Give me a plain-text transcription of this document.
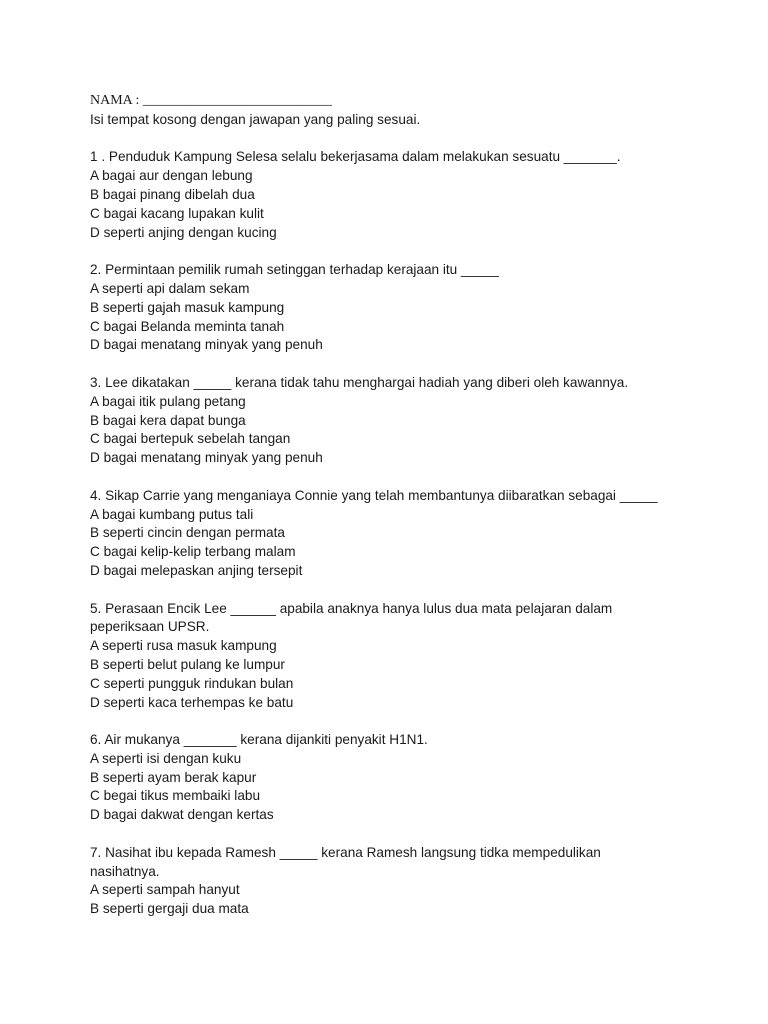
NAMA : ___________________________
Isi tempat kosong dengan jawapan yang paling sesuai.
1 . Penduduk Kampung Selesa selalu bekerjasama dalam melakukan sesuatu _______.
A bagai aur dengan lebung
B bagai pinang dibelah dua
C bagai kacang lupakan kulit
D seperti anjing dengan kucing
2. Permintaan pemilik rumah setinggan terhadap kerajaan itu _____
A seperti api dalam sekam
B seperti gajah masuk kampung
C bagai Belanda meminta tanah
D bagai menatang minyak yang penuh
3. Lee dikatakan _____ kerana tidak tahu menghargai hadiah yang diberi oleh kawannya.
A bagai itik pulang petang
B bagai kera dapat bunga
C bagai bertepuk sebelah tangan
D bagai menatang minyak yang penuh
4. Sikap Carrie yang menganiaya Connie yang telah membantunya diibaratkan sebagai _____
A bagai kumbang putus tali
B seperti cincin dengan permata
C bagai kelip-kelip terbang malam
D bagai melepaskan anjing tersepit
5. Perasaan Encik Lee ______ apabila anaknya hanya lulus dua mata pelajaran dalam
peperiksaan UPSR.
A seperti rusa masuk kampung
B seperti belut pulang ke lumpur
C seperti pungguk rindukan bulan
D seperti kaca terhempas ke batu
6. Air mukanya _______ kerana dijankiti penyakit H1N1.
A seperti isi dengan kuku
B seperti ayam berak kapur
C begai tikus membaiki labu
D bagai dakwat dengan kertas
7. Nasihat ibu kepada Ramesh _____ kerana Ramesh langsung tidka mempedulikan
nasihatnya.
A seperti sampah hanyut
B seperti gergaji dua mata
